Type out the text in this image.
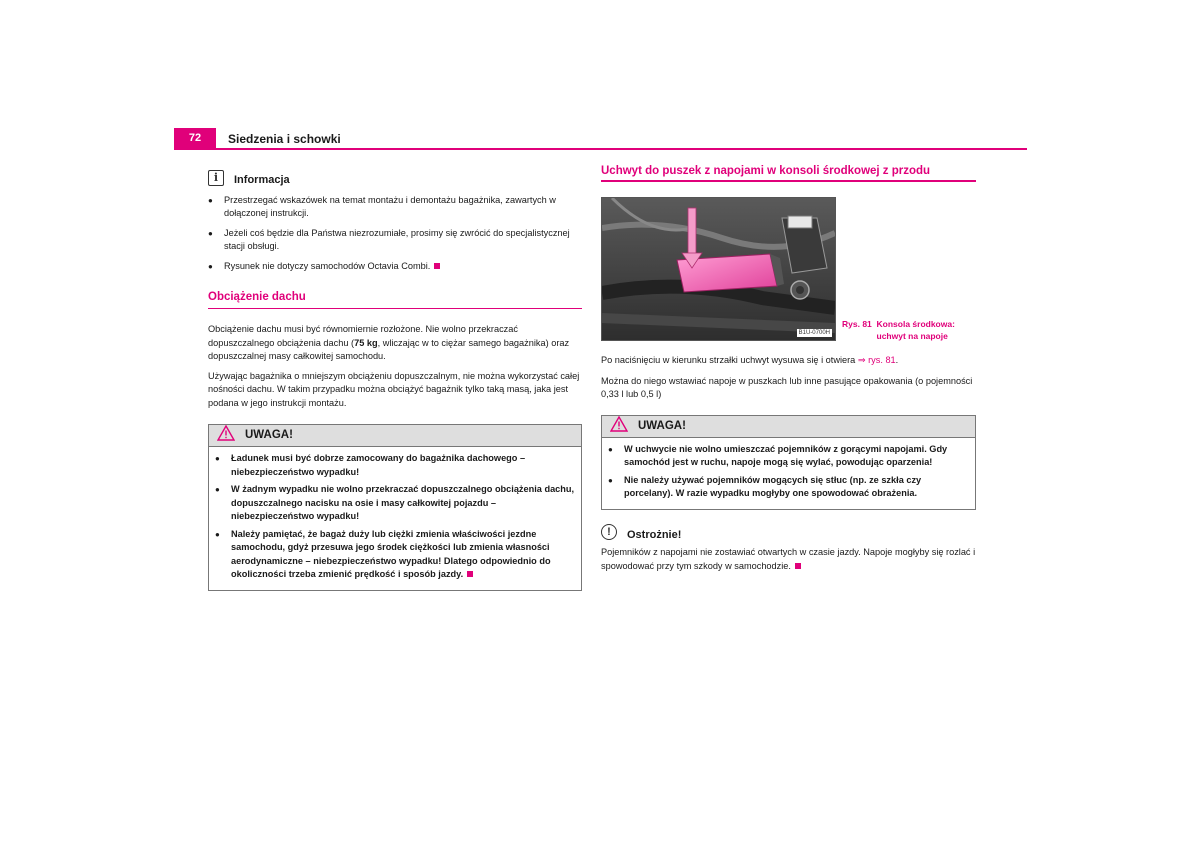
72	Siedzenia i schowki
i	Informacja
● Przestrzegać wskazówek na temat montażu i demontażu bagażnika, zawartych w dołączonej instrukcji.
● Jeżeli coś będzie dla Państwa niezrozumiałe, prosimy się zwrócić do specjalistycznej stacji obsługi.
● Rysunek nie dotyczy samochodów Octavia Combi.
Obciążenie dachu

Obciążenie dachu musi być równomiernie rozłożone. Nie wolno przekraczać dopuszczalnego obciążenia dachu (75 kg, wliczając w to ciężar samego bagażnika) oraz dopuszczalnej masy całkowitej samochodu.

Używając bagażnika o mniejszym obciążeniu dopuszczalnym, nie można wykorzystać całej nośności dachu. W takim przypadku można obciążyć bagażnik tylko taką masą, jaka jest podana w jego instrukcji montażu.

UWAGA!
● Ładunek musi być dobrze zamocowany do bagażnika dachowego – niebezpieczeństwo wypadku!
● W żadnym wypadku nie wolno przekraczać dopuszczalnego obciążenia dachu, dopuszczalnego nacisku na osie i masy całkowitej pojazdu – niebezpieczeństwo wypadku!
● Należy pamiętać, że bagaż duży lub ciężki zmienia właściwości jezdne samochodu, gdyż przesuwa jego środek ciężkości lub zmienia własności aerodynamiczne – niebezpieczeństwo wypadku! Dlatego odpowiednio do okoliczności trzeba zmienić prędkość i sposób jazdy.
Uchwyt do puszek z napojami w konsoli środkowej z przodu
B1U-0700H
Rys. 81 Konsola środkowa: uchwyt na napoje

Po naciśnięciu w kierunku strzałki uchwyt wysuwa się i otwiera ⇒ rys. 81.

Można do niego wstawiać napoje w puszkach lub inne pasujące opakowania (o pojemności 0,33 l lub 0,5 l)

UWAGA!
● W uchwycie nie wolno umieszczać pojemników z gorącymi napojami. Gdy samochód jest w ruchu, napoje mogą się wylać, powodując oparzenia!
● Nie należy używać pojemników mogących się stłuc (np. ze szkła czy porcelany). W razie wypadku mogłyby one spowodować obrażenia.
!	Ostrożnie!

Pojemników z napojami nie zostawiać otwartych w czasie jazdy. Napoje mogłyby się rozlać i spowodować przy tym szkody w samochodzie.
